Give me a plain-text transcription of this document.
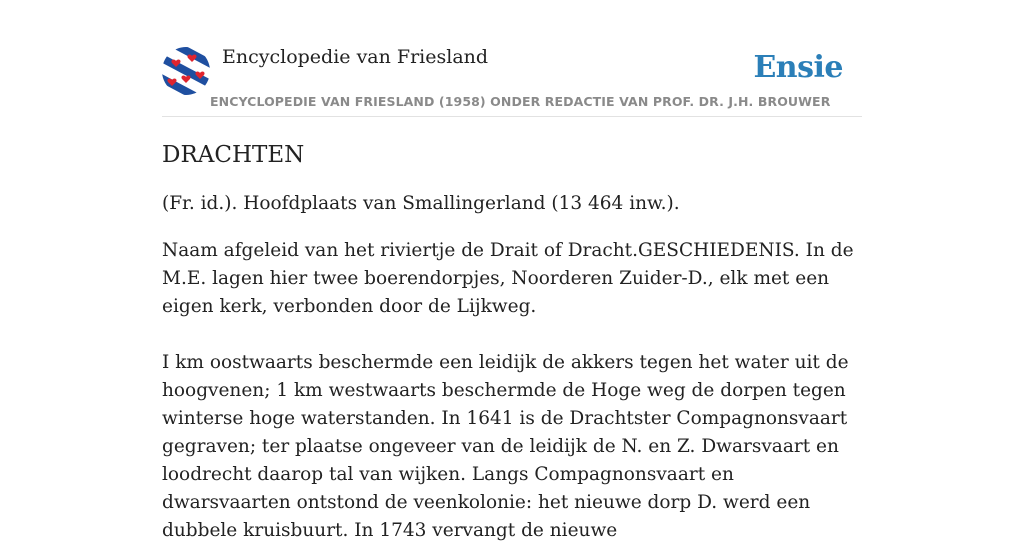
Encyclopedie van Friesland	Ensie
ENCYCLOPEDIE VAN FRIESLAND (1958) ONDER REDACTIE VAN PROF. DR. J.H. BROUWER
DRACHTEN

(Fr. id.). Hoofdplaats van Smallingerland (13 464 inw.).

Naam afgeleid van het riviertje de Drait of Dracht.GESCHIEDENIS. In de M.E. lagen hier twee boerendorpjes, Noorderen Zuider-D., elk met een eigen kerk, verbonden door de Lijkweg.

I km oostwaarts beschermde een leidijk de akkers tegen het water uit de hoogvenen; 1 km westwaarts beschermde de Hoge weg de dorpen tegen winterse hoge waterstanden. In 1641 is de Drachtster Compagnonsvaart gegraven; ter plaatse ongeveer van de leidijk de N. en Z. Dwarsvaart en loodrecht daarop tal van wijken. Langs Compagnonsvaart en dwarsvaarten ontstond de veenkolonie: het nieuwe dorp D. werd een dubbele kruisbuurt. In 1743 vervangt de nieuwe
